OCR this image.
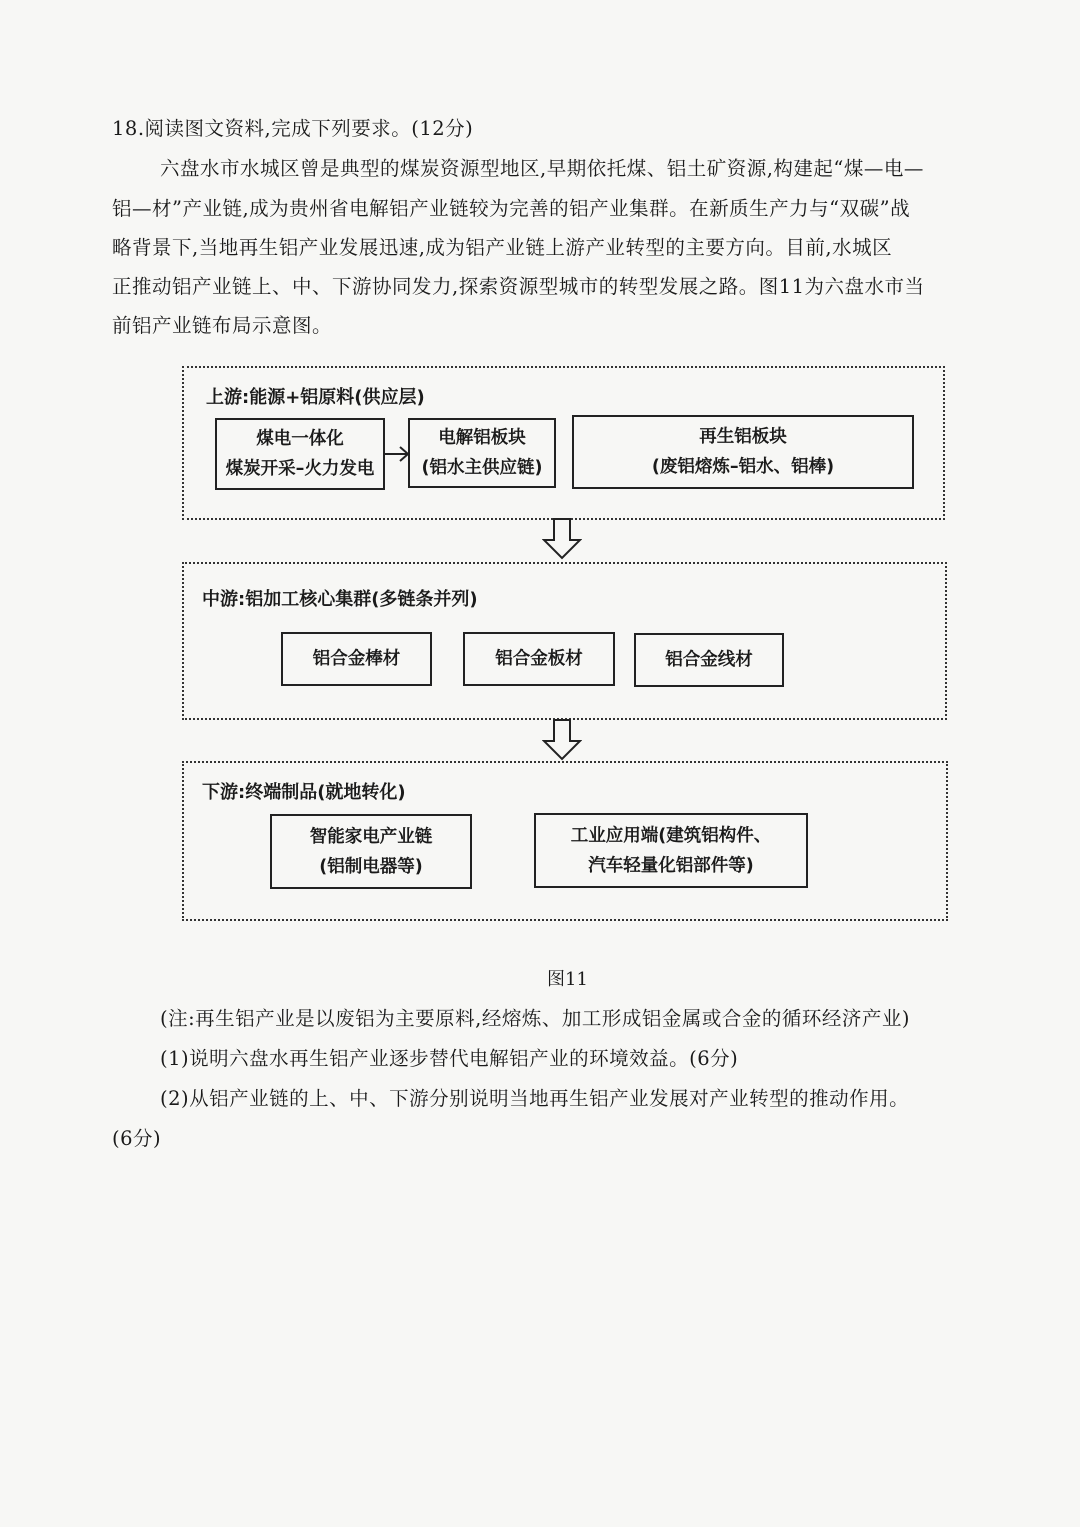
18.阅读图文资料,完成下列要求。(12分)
六盘水市水城区曾是典型的煤炭资源型地区,早期依托煤、铝土矿资源,构建起“煤—电—
铝—材”产业链,成为贵州省电解铝产业链较为完善的铝产业集群。在新质生产力与“双碳”战
略背景下,当地再生铝产业发展迅速,成为铝产业链上游产业转型的主要方向。目前,水城区
正推动铝产业链上、中、下游协同发力,探索资源型城市的转型发展之路。图11为六盘水市当
前铝产业链布局示意图。
上游:能源+铝原料(供应层)
煤电一体化
煤炭开采–火力发电
电解铝板块
(铝水主供应链)
再生铝板块
(废铝熔炼–铝水、铝棒)
中游:铝加工核心集群(多链条并列)
铝合金棒材	铝合金板材	铝合金线材
下游:终端制品(就地转化)
智能家电产业链
(铝制电器等)
工业应用端(建筑铝构件、
汽车轻量化铝部件等)
图11
(注:再生铝产业是以废铝为主要原料,经熔炼、加工形成铝金属或合金的循环经济产业)
(1)说明六盘水再生铝产业逐步替代电解铝产业的环境效益。(6分)
(2)从铝产业链的上、中、下游分别说明当地再生铝产业发展对产业转型的推动作用。
(6分)
